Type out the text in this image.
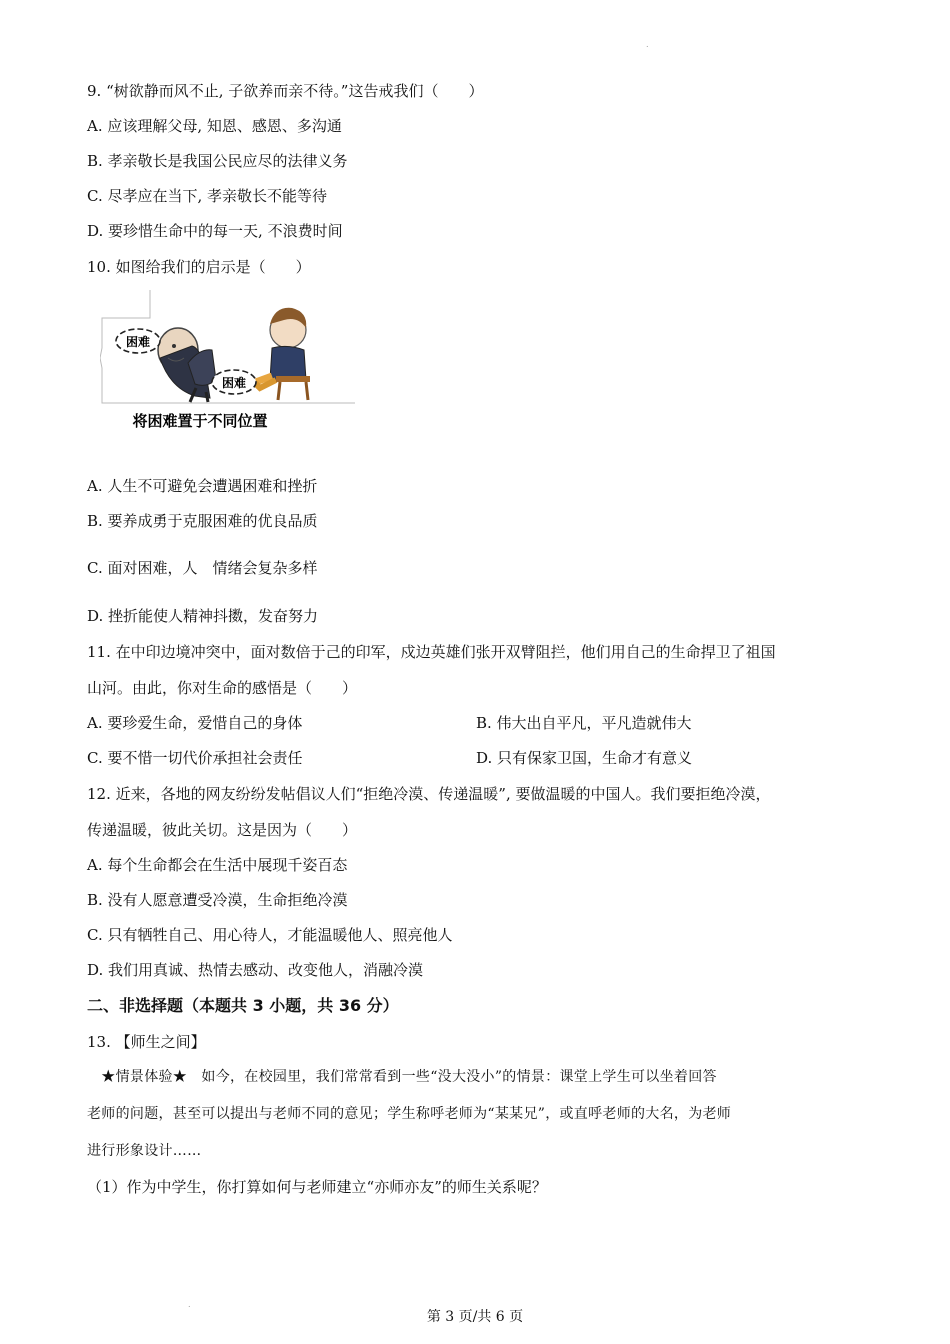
.
9. “树欲静而风不止, 子欲养而亲不待。”这告戒我们（　　）
A. 应该理解父母, 知恩、感恩、多沟通
B. 孝亲敬长是我国公民应尽的法律义务
C. 尽孝应在当下, 孝亲敬长不能等待
D. 要珍惜生命中的每一天, 不浪费时间
10. 如图给我们的启示是（　　）
困难
困难
将困难置于不同位置
A. 人生不可避免会遭遇困难和挫折
B. 要养成勇于克服困难的优良品质
C. 面对困难，人　情绪会复杂多样
D. 挫折能使人精神抖擞，发奋努力
11. 在中印边境冲突中，面对数倍于己的印军，戍边英雄们张开双臂阻拦，他们用自己的生命捍卫了祖国
山河。由此，你对生命的感悟是（　　）
A. 要珍爱生命，爱惜自己的身体	B. 伟大出自平凡，平凡造就伟大
C. 要不惜一切代价承担社会责任	D. 只有保家卫国，生命才有意义
12. 近来，各地的网友纷纷发帖倡议人们“拒绝冷漠、传递温暖”, 要做温暖的中国人。我们要拒绝冷漠，
传递温暖，彼此关切。这是因为（　　）
A. 每个生命都会在生活中展现千姿百态
B. 没有人愿意遭受冷漠，生命拒绝冷漠
C. 只有牺牲自己、用心待人，才能温暖他人、照亮他人
D. 我们用真诚、热情去感动、改变他人，消融冷漠
二、非选择题（本题共 3 小题，共 36 分）
13. 【师生之间】
　★情景体验★　如今，在校园里，我们常常看到一些“没大没小”的情景：课堂上学生可以坐着回答
老师的问题，甚至可以提出与老师不同的意见；学生称呼老师为“某某兄”，或直呼老师的大名，为老师
进行形象设计……
（1）作为中学生，你打算如何与老师建立“亦师亦友”的师生关系呢？
.
第 3 页/共 6 页
